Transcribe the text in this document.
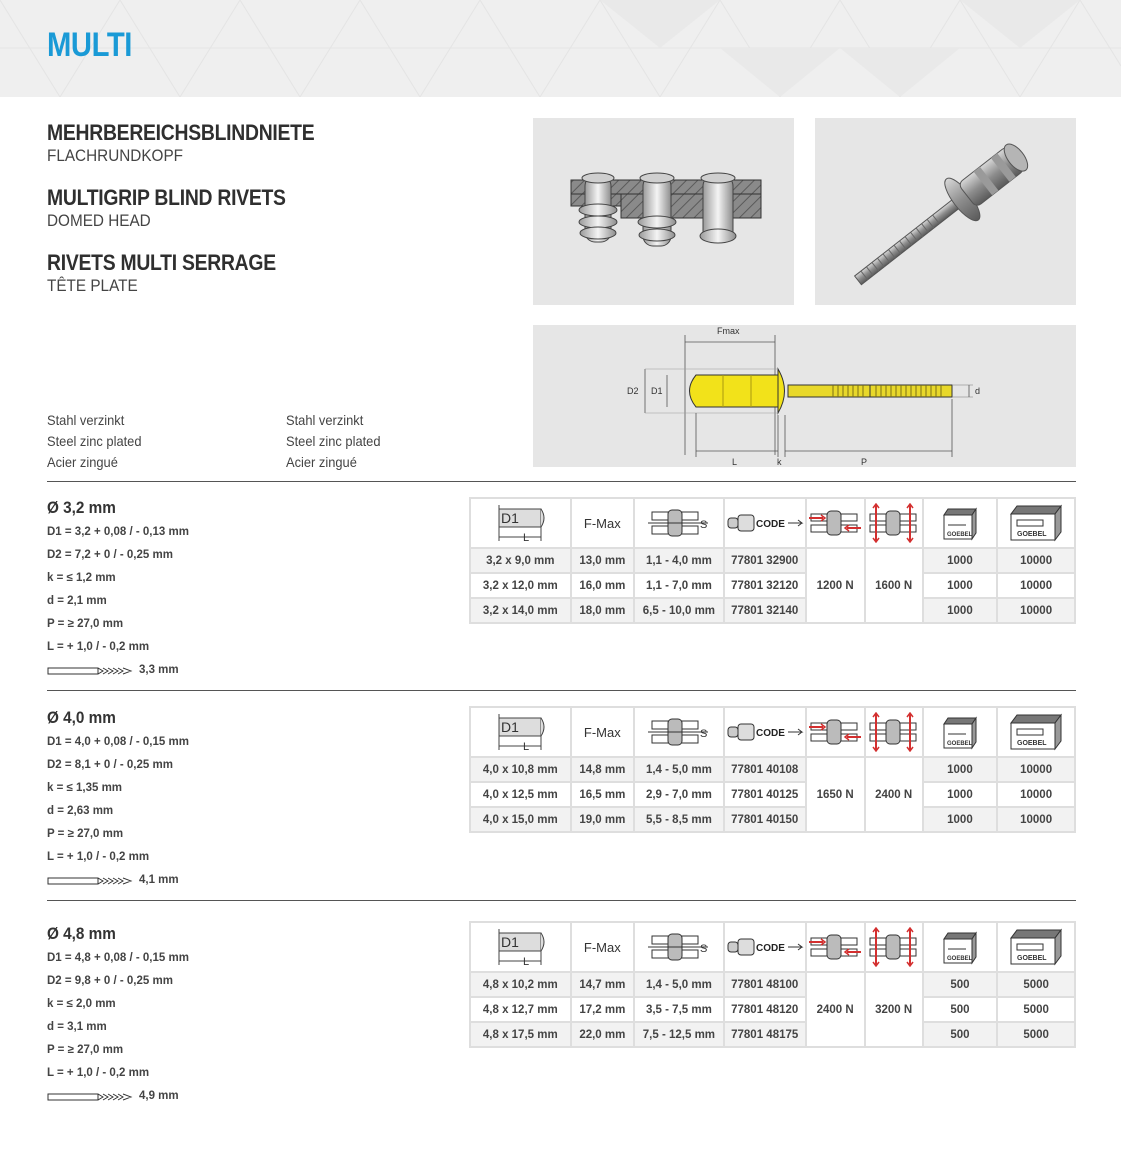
MULTI
MEHRBEREICHSBLINDNIETE
FLACHRUNDKOPF
MULTIGRIP BLIND RIVETS
DOMED HEAD
RIVETS MULTI SERRAGE
TÊTE PLATE
Stahl verzinkt
Steel zinc plated
Acier zingué
Stahl verzinkt
Steel zinc plated
Acier zingué
Fmax
D2 D1	d
L	k	P
Ø 3,2 mm
D1 = 3,2 + 0,08 / - 0,13 mm
D2 = 7,2 + 0 / - 0,25 mm
k = ≤ 1,2 mm
d = 2,1 mm
P = ≥ 27,0 mm
L = + 1,0 / - 0,2 mm
3,3 mm
D1
L	F-Max	S	CODE			GOEBEL	GOEBEL

3,2 x 9,0 mm	13,0 mm	1,1 - 4,0 mm	77801 32900	1200 N	1600 N	1000	10000
3,2 x 12,0 mm	16,0 mm	1,1 - 7,0 mm	77801 32120			1000	10000
3,2 x 14,0 mm	18,0 mm	6,5 - 10,0 mm	77801 32140			1000	10000
Ø 4,0 mm
D1 = 4,0 + 0,08 / - 0,15 mm
D2 = 8,1 + 0 / - 0,25 mm
k = ≤ 1,35 mm
d = 2,63 mm
P = ≥ 27,0 mm
L = + 1,0 / - 0,2 mm
4,1 mm
D1
L	F-Max	S	CODE			GOEBEL	GOEBEL

4,0 x 10,8 mm	14,8 mm	1,4 - 5,0 mm	77801 40108	1650 N	2400 N	1000	10000
4,0 x 12,5 mm	16,5 mm	2,9 - 7,0 mm	77801 40125			1000	10000
4,0 x 15,0 mm	19,0 mm	5,5 - 8,5 mm	77801 40150			1000	10000
Ø 4,8 mm
D1 = 4,8 + 0,08 / - 0,15 mm
D2 = 9,8 + 0 / - 0,25 mm
k = ≤ 2,0 mm
d = 3,1 mm
P = ≥ 27,0 mm
L = + 1,0 / - 0,2 mm
4,9 mm
D1
L	F-Max	S	CODE			GOEBEL	GOEBEL

4,8 x 10,2 mm	14,7 mm	1,4 - 5,0 mm	77801 48100	2400 N	3200 N	500	5000
4,8 x 12,7 mm	17,2 mm	3,5 - 7,5 mm	77801 48120			500	5000
4,8 x 17,5 mm	22,0 mm	7,5 - 12,5 mm	77801 48175			500	5000
